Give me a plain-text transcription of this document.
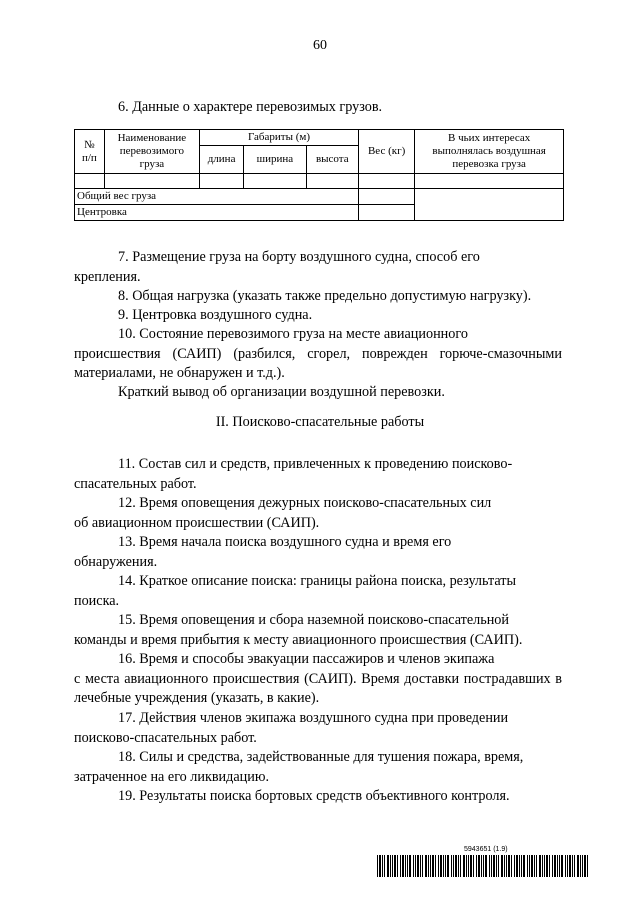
60

6. Данные о характере перевозимых грузов.

№
п/п	Наименование перевозимого груза	Габариты (м)			Вес (кг)	В чьих интересах выполнялась воздушная перевозка груза
		длина	ширина	высота		

Общий вес груза						
Центровка						

7. Размещение груза на борту воздушного судна, способ его
крепления.

8. Общая нагрузка (указать также предельно допустимую нагрузку).

9. Центровка воздушного судна.

10. Состояние перевозимого груза на месте авиационного
происшествия (САИП) (разбился, сгорел, поврежден горюче-смазочными материалами, не обнаружен и т.д.).

Краткий вывод об организации воздушной перевозки.

II. Поисково-спасательные работы

11. Состав сил и средств, привлеченных к проведению поисково-
спасательных работ.

12. Время оповещения дежурных поисково-спасательных сил
об авиационном происшествии (САИП).

13. Время начала поиска воздушного судна и время его
обнаружения.

14. Краткое описание поиска: границы района поиска, результаты
поиска.

15. Время оповещения и сбора наземной поисково-спасательной
команды и время прибытия к месту авиационного происшествия (САИП).

16. Время и способы эвакуации пассажиров и членов экипажа
с места авиационного происшествия (САИП). Время доставки пострадавших в лечебные учреждения (указать, в какие).

17. Действия членов экипажа воздушного судна при проведении
поисково-спасательных работ.

18. Силы и средства, задействованные для тушения пожара, время,
затраченное на его ликвидацию.

19. Результаты поиска бортовых средств объективного контроля.

5943651 (1.9)
